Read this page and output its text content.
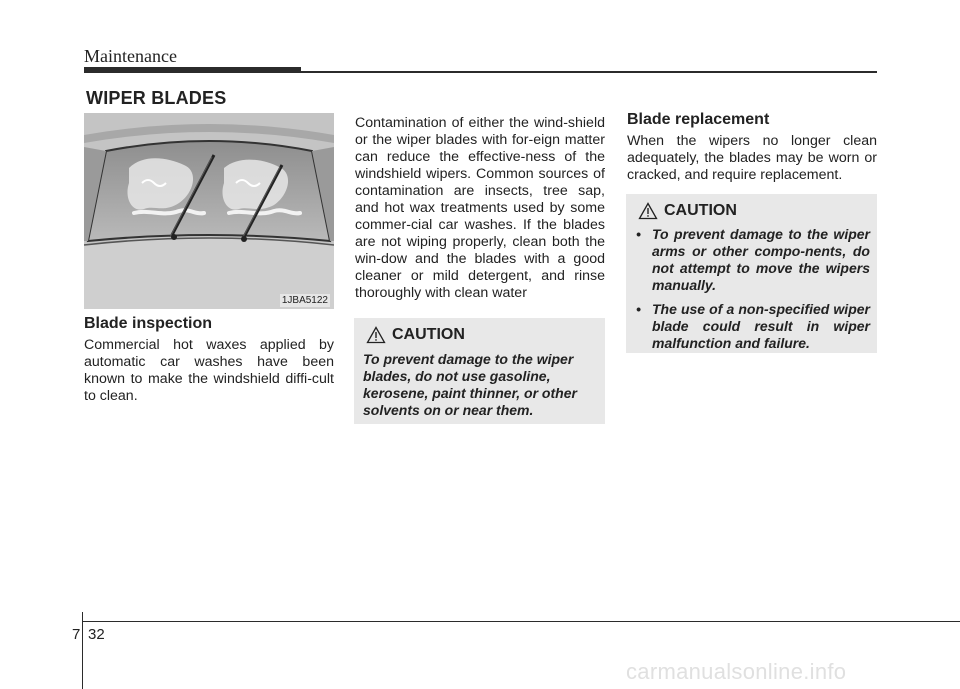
Maintenance
WIPER BLADES
1JBA5122
Blade inspection

Commercial hot waxes applied by automatic car washes have been known to make the windshield diffi-cult to clean.

Contamination of either the wind-shield or the wiper blades with for-eign matter can reduce the effective-ness of the windshield wipers. Common sources of contamination are insects, tree sap, and hot wax treatments used by some commer-cial car washes. If the blades are not wiping properly, clean both the win-dow and the blades with a good cleaner or mild detergent, and rinse thoroughly with clean water

CAUTION

To prevent damage to the wiper blades, do not use gasoline, kerosene, paint thinner, or other solvents on or near them.

Blade replacement

When the wipers no longer clean adequately, the blades may be worn or cracked, and require replacement.

CAUTION
• To prevent damage to the wiper arms or other compo-nents, do not attempt to move the wipers manually.
• The use of a non-specified wiper blade could result in wiper malfunction and failure.
7 32
carmanualsonline.info
